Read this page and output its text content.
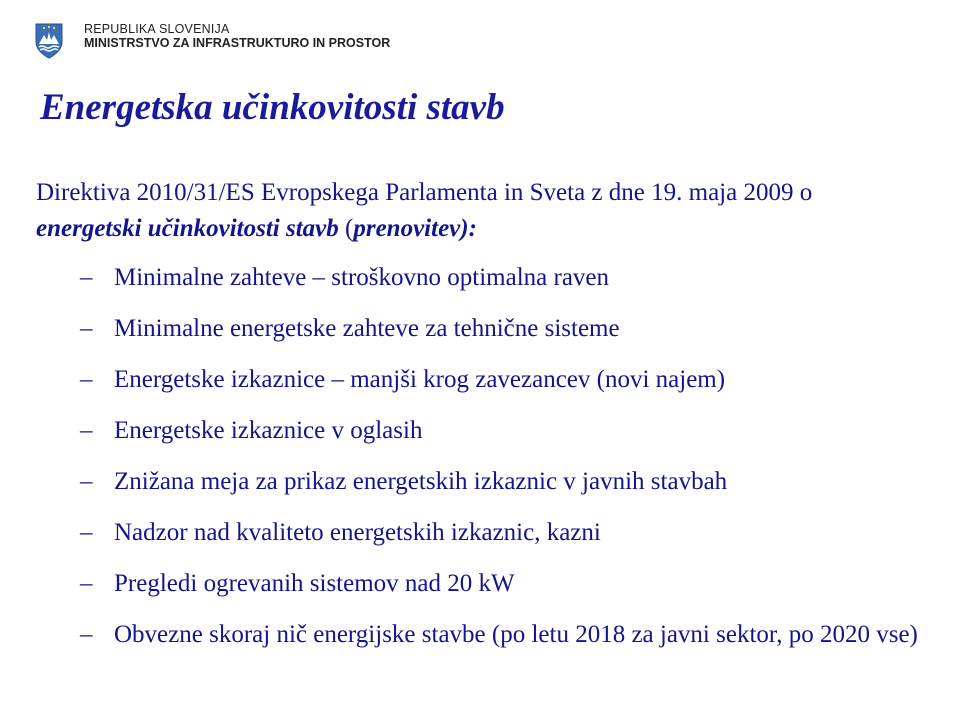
REPUBLIKA SLOVENIJA
MINISTRSTVO ZA INFRASTRUKTURO IN PROSTOR
Energetska učinkovitosti stavb

Direktiva 2010/31/ES Evropskega Parlamenta in Sveta z dne 19. maja 2009 o energetski učinkovitosti stavb (prenovitev):

– Minimalne zahteve – stroškovno optimalna raven
– Minimalne energetske zahteve za tehnične sisteme
– Energetske izkaznice – manjši krog zavezancev (novi najem)
– Energetske izkaznice v oglasih
– Znižana meja za prikaz energetskih izkaznic v javnih stavbah
– Nadzor nad kvaliteto energetskih izkaznic, kazni
– Pregledi ogrevanih sistemov nad 20 kW
– Obvezne skoraj nič energijske stavbe (po letu 2018 za javni sektor, po 2020 vse)
